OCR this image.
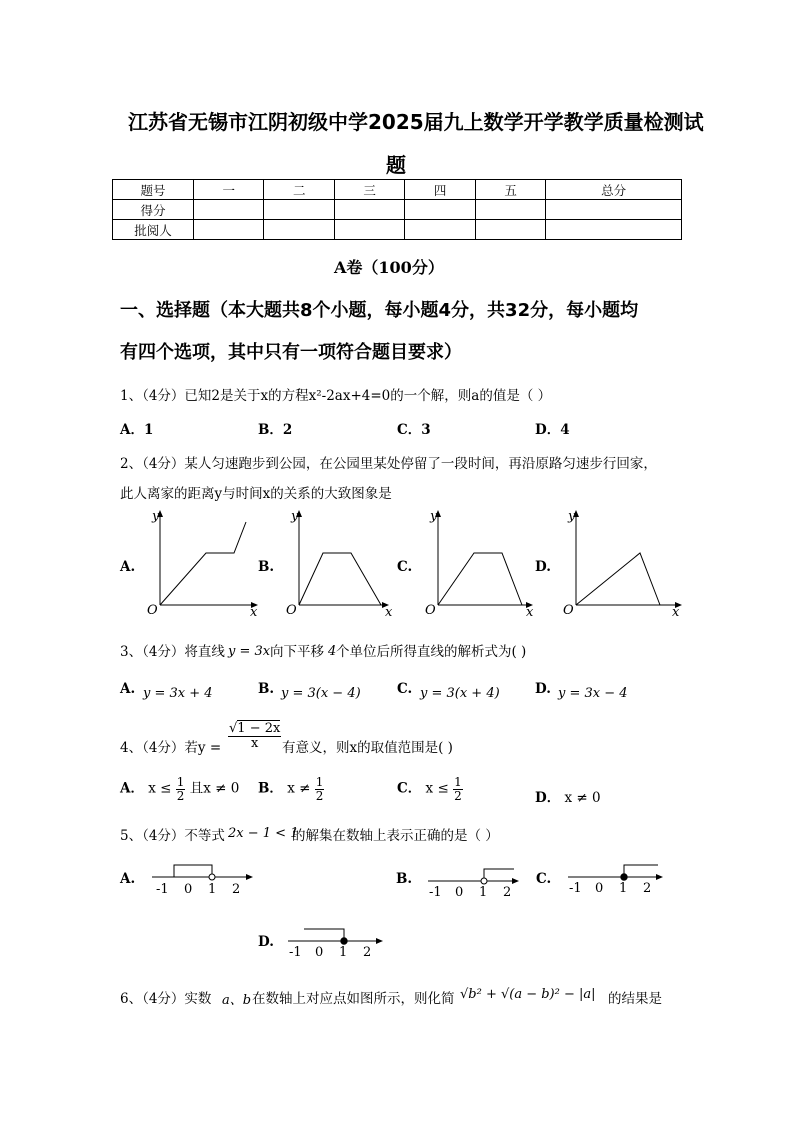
江苏省无锡市江阴初级中学2025届九上数学开学教学质量检测试
题
题号	一	二	三	四	五	总分
得分						
批阅人						
A卷（100分）
一、选择题（本大题共8个小题，每小题4分，共32分，每小题均
有四个选项，其中只有一项符合题目要求）
1、（4分）已知2是关于x的方程x²-2ax+4=0的一个解，则a的值是（ ）
A．1	B．2	C．3	D．4
2、（4分）某人匀速跑步到公园，在公园里某处停留了一段时间，再沿原路匀速步行回家，
此人离家的距离y与时间x的关系的大致图象是
A.	B.	C.	D.
y
x
O
y
x
O
y
x
O
y
x
O
3、（4分）将直线 y = 3x 向下平移 4 个单位后所得直线的解析式为( )
A. y = 3x + 4	B. y = 3(x − 4)	C. y = 3(x + 4)	D. y = 3x − 4
4、（4分）若$y = \frac{√1 - 2x}{x}$ 有意义，则x的取值范围是( )
A． $x \le \frac{1}{2}$ 且x ≠ 0 B． $x \ne \frac{1}{2}$	C． $x \le \frac{1}{2}$	D． x ≠ 0
5、（4分）不等式 2x − 1 < 1
的解集在数轴上表示正确的是（ ）
A.	B.	C.
D.
-1 0 1 2	-1 0 1 2	-1 0 1 2
-1 0 1 2
6、（4分）实数 a、b 在数轴上对应点如图所示，则化简 √b² + √(a − b)² − |a| 的结果是
